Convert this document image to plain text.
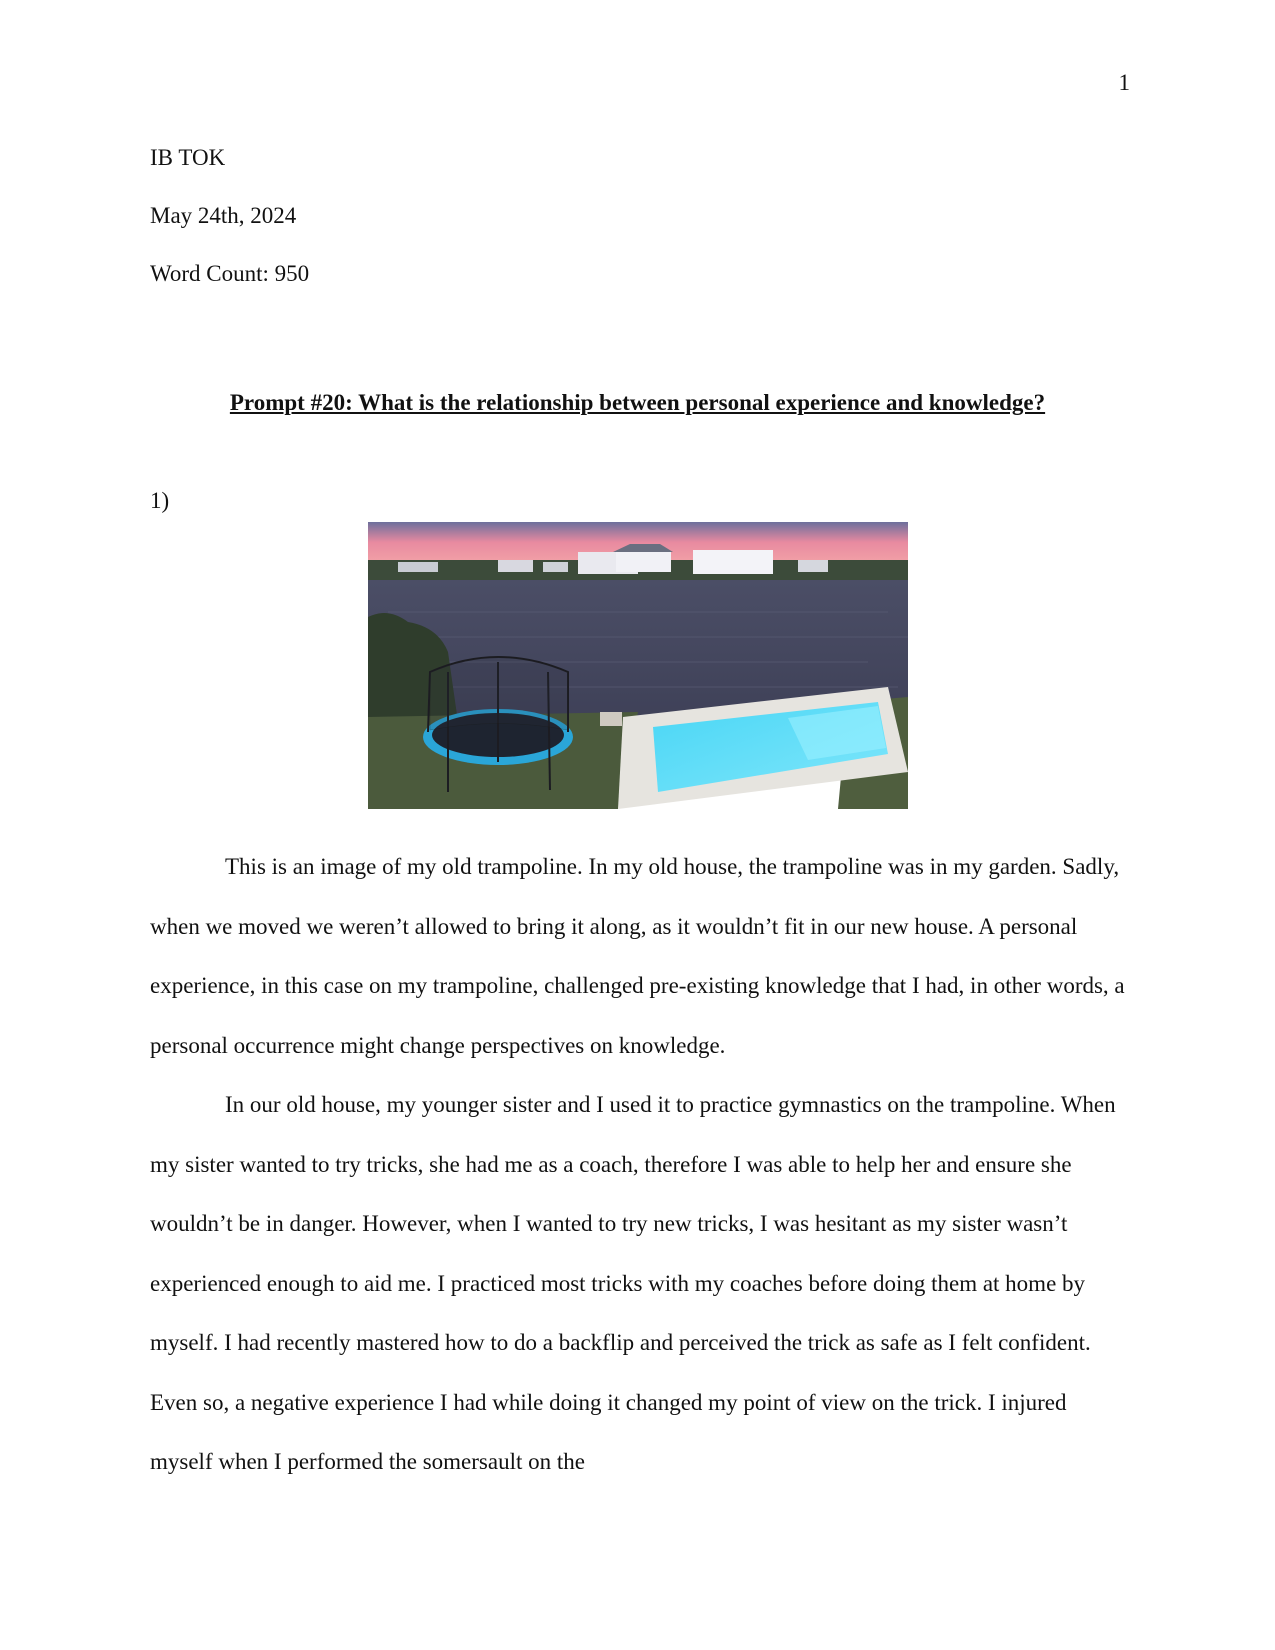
1
IB TOK
May 24th, 2024
Word Count: 950
Prompt #20: What is the relationship between personal experience and knowledge?
1)

This is an image of my old trampoline. In my old house, the trampoline was in my garden. Sadly, when we moved we weren’t allowed to bring it along, as it wouldn’t fit in our new house. A personal experience, in this case on my trampoline, challenged pre-existing knowledge that I had, in other words, a personal occurrence might change perspectives on knowledge.

In our old house, my younger sister and I used it to practice gymnastics on the trampoline. When my sister wanted to try tricks, she had me as a coach, therefore I was able to help her and ensure she wouldn’t be in danger. However, when I wanted to try new tricks, I was hesitant as my sister wasn’t experienced enough to aid me. I practiced most tricks with my coaches before doing them at home by myself. I had recently mastered how to do a backflip and perceived the trick as safe as I felt confident. Even so, a negative experience I had while doing it changed my point of view on the trick. I injured myself when I performed the somersault on the
